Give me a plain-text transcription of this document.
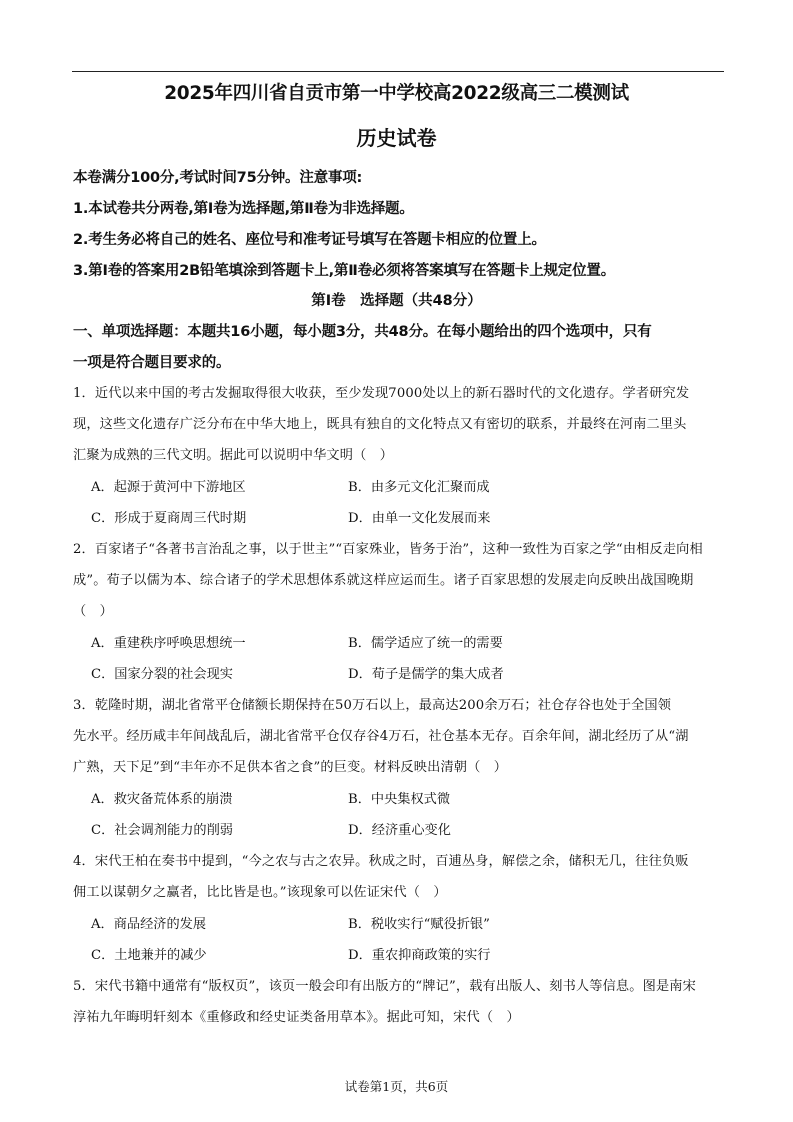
2025年四川省自贡市第一中学校高2022级高三二模测试
历史试卷
本卷满分100分,考试时间75分钟。注意事项:
1.本试卷共分两卷,第Ⅰ卷为选择题,第Ⅱ卷为非选择题。
2.考生务必将自己的姓名、座位号和准考证号填写在答题卡相应的位置上。
3.第Ⅰ卷的答案用2B铅笔填涂到答题卡上,第Ⅱ卷必须将答案填写在答题卡上规定位置。
第Ⅰ卷　选择题（共48分）
一、单项选择题：本题共16小题，每小题3分，共48分。在每小题给出的四个选项中，只有
一项是符合题目要求的。
1．近代以来中国的考古发掘取得很大收获，至少发现7000处以上的新石器时代的文化遗存。学者研究发
现，这些文化遗存广泛分布在中华大地上，既具有独自的文化特点又有密切的联系，并最终在河南二里头
汇聚为成熟的三代文明。据此可以说明中华文明（　）
A．起源于黄河中下游地区	B．由多元文化汇聚而成
C．形成于夏商周三代时期	D．由单一文化发展而来
2．百家诸子“各著书言治乱之事，以于世主”“百家殊业，皆务于治”，这种一致性为百家之学“由相反走向相
成”。荀子以儒为本、综合诸子的学术思想体系就这样应运而生。诸子百家思想的发展走向反映出战国晚期
（　）
A．重建秩序呼唤思想统一	B．儒学适应了统一的需要
C．国家分裂的社会现实	D．荀子是儒学的集大成者
3．乾隆时期，湖北省常平仓储额长期保持在50万石以上，最高达200余万石；社仓存谷也处于全国领
先水平。经历咸丰年间战乱后，湖北省常平仓仅存谷4万石，社仓基本无存。百余年间，湖北经历了从“湖
广熟，天下足”到“丰年亦不足供本省之食”的巨变。材料反映出清朝（　）
A．救灾备荒体系的崩溃	B．中央集权式微
C．社会调剂能力的削弱	D．经济重心变化
4．宋代王柏在奏书中提到，“今之农与古之农异。秋成之时，百逋丛身，解偿之余，储积无几，往往负贩
佣工以谋朝夕之赢者，比比皆是也。”该现象可以佐证宋代（　）
A．商品经济的发展	B．税收实行“赋役折银”
C．土地兼并的减少	D．重农抑商政策的实行
5．宋代书籍中通常有“版权页”，该页一般会印有出版方的“牌记”，载有出版人、刻书人等信息。图是南宋
淳祐九年晦明轩刻本《重修政和经史证类备用草本》。据此可知，宋代（　）
试卷第1页，共6页
